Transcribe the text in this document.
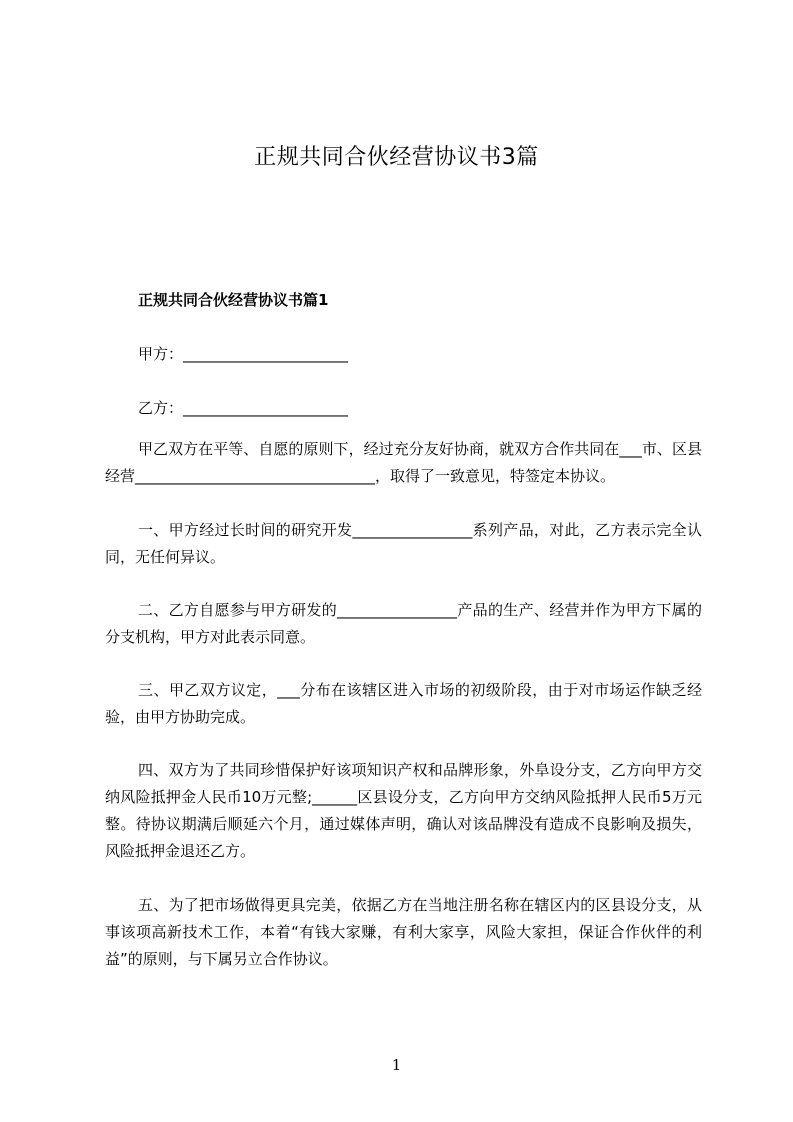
正规共同合伙经营协议书3篇
正规共同合伙经营协议书篇1
甲方：______________________
乙方：______________________

甲乙双方在平等、自愿的原则下，经过充分友好协商，就双方合作共同在___市、区县经营________________________________，取得了一致意见，特签定本协议。

一、甲方经过长时间的研究开发________________系列产品，对此，乙方表示完全认同，无任何异议。

二、乙方自愿参与甲方研发的________________产品的生产、经营并作为甲方下属的分支机构，甲方对此表示同意。

三、甲乙双方议定，___分布在该辖区进入市场的初级阶段，由于对市场运作缺乏经验，由甲方协助完成。

四、双方为了共同珍惜保护好该项知识产权和品牌形象，外阜设分支，乙方向甲方交纳风险抵押金人民币10万元整;______区县设分支，乙方向甲方交纳风险抵押人民币5万元整。待协议期满后顺延六个月，通过媒体声明，确认对该品牌没有造成不良影响及损失，风险抵押金退还乙方。

五、为了把市场做得更具完美，依据乙方在当地注册名称在辖区内的区县设分支，从事该项高新技术工作，本着“有钱大家赚，有利大家享，风险大家担，保证合作伙伴的利益”的原则，与下属另立合作协议。

1
